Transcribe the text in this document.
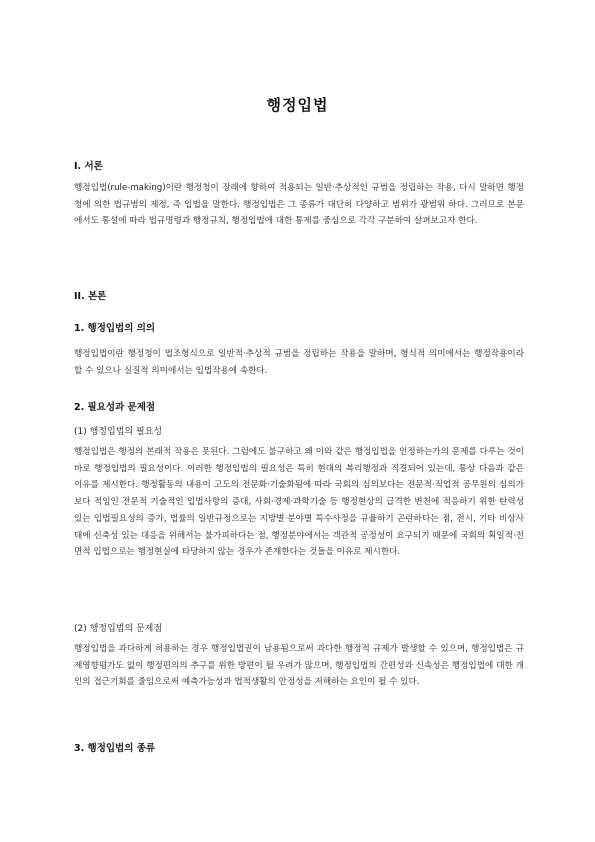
행정입법
I. 서론
행정입법(rule-making)이란 행정청이 장래에 향하여 적용되는 일반·추상적인 규범을 정립하는 작용, 다시 말하면 행정청에 의한 법규범의 제정, 즉 입법을 말한다. 행정입법은 그 종류가 대단히 다양하고 범위가 광범위 하다. 그러므로 본문에서도 통설에 따라 법규명령과 행정규칙, 행정입법에 대한 통제를 중심으로 각각 구분하여 살펴보고자 한다.
II. 본론
1. 행정입법의 의의
행정입법이란 행정청이 법조형식으로 일반적·추상적 규범을 정립하는 작용을 말하며, 형식적 의미에서는 행정작용이라 할 수 있으나 실질적 의미에서는 입법작용에 속한다.
2. 필요성과 문제점
(1) 행정입법의 필요성
행정입법은 행정의 본래적 작용은 못된다. 그럼에도 불구하고 왜 이와 같은 행정입법을 인정하는가의 문제를 다루는 것이 바로 행정입법의 필요성이다. 이러한 행정입법의 필요성은 특히 현대의 복리행정과 직결되어 있는데, 통상 다음과 같은 이유를 제시한다. 행정활동의 내용이 고도의 전문화·기술화됨에 따라 국회의 심의보다는 전문적·직업적 공무원의 심의가 보다 적임인 전문적 기술적인 입법사항의 증대, 사회·경제·과학기술 등 행정현상의 급격한 변천에 적응하기 위한 탄력성있는 입법필요성의 증가, 법률의 일반규정으로는 지방별·분야별 특수사정을 규율하기 곤란하다는 점, 전시, 기타 비상사태에 신축성 있는 대응을 위해서는 불가피하다는 점, 행정분야에서는 객관적 공정성이 요구되기 때문에 국회의 획일적·전면적 입법으로는 행정현실에 타당하지 않는 경우가 존재한다는 것들을 이유로 제시한다.
(2) 행정입법의 문제점
행정입법을 과다하게 허용하는 경우 행정입법권이 남용됨으로써 과다한 행정적 규제가 발생할 수 있으며, 행정입법은 규제영향평가도 없이 행정편의의 추구를 위한 방편이 될 우려가 많으며, 행정입법의 간편성과 신속성은 행정입법에 대한 개인의 접근기회를 줄임으로써 예측가능성과 법적생활의 안정성을 저해하는 요인이 될 수 있다.
3. 행정입법의 종류
